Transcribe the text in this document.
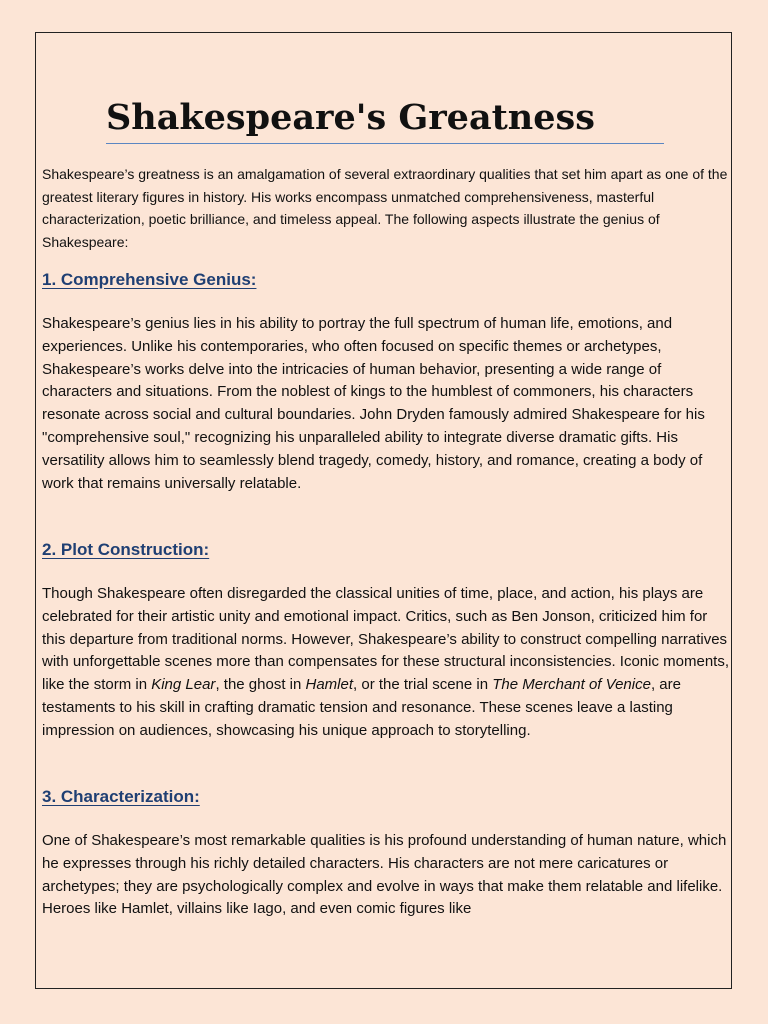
Shakespeare's Greatness

Shakespeare’s greatness is an amalgamation of several extraordinary qualities that set him apart as one of the greatest literary figures in history. His works encompass unmatched comprehensiveness, masterful characterization, poetic brilliance, and timeless appeal. The following aspects illustrate the genius of Shakespeare:

1. Comprehensive Genius:

Shakespeare’s genius lies in his ability to portray the full spectrum of human life, emotions, and experiences. Unlike his contemporaries, who often focused on specific themes or archetypes, Shakespeare’s works delve into the intricacies of human behavior, presenting a wide range of characters and situations. From the noblest of kings to the humblest of commoners, his characters resonate across social and cultural boundaries. John Dryden famously admired Shakespeare for his "comprehensive soul," recognizing his unparalleled ability to integrate diverse dramatic gifts. His versatility allows him to seamlessly blend tragedy, comedy, history, and romance, creating a body of work that remains universally relatable.

2. Plot Construction:

Though Shakespeare often disregarded the classical unities of time, place, and action, his plays are celebrated for their artistic unity and emotional impact. Critics, such as Ben Jonson, criticized him for this departure from traditional norms. However, Shakespeare’s ability to construct compelling narratives with unforgettable scenes more than compensates for these structural inconsistencies. Iconic moments, like the storm in King Lear, the ghost in Hamlet, or the trial scene in The Merchant of Venice, are testaments to his skill in crafting dramatic tension and resonance. These scenes leave a lasting impression on audiences, showcasing his unique approach to storytelling.

3. Characterization:

One of Shakespeare’s most remarkable qualities is his profound understanding of human nature, which he expresses through his richly detailed characters. His characters are not mere caricatures or archetypes; they are psychologically complex and evolve in ways that make them relatable and lifelike. Heroes like Hamlet, villains like Iago, and even comic figures like
